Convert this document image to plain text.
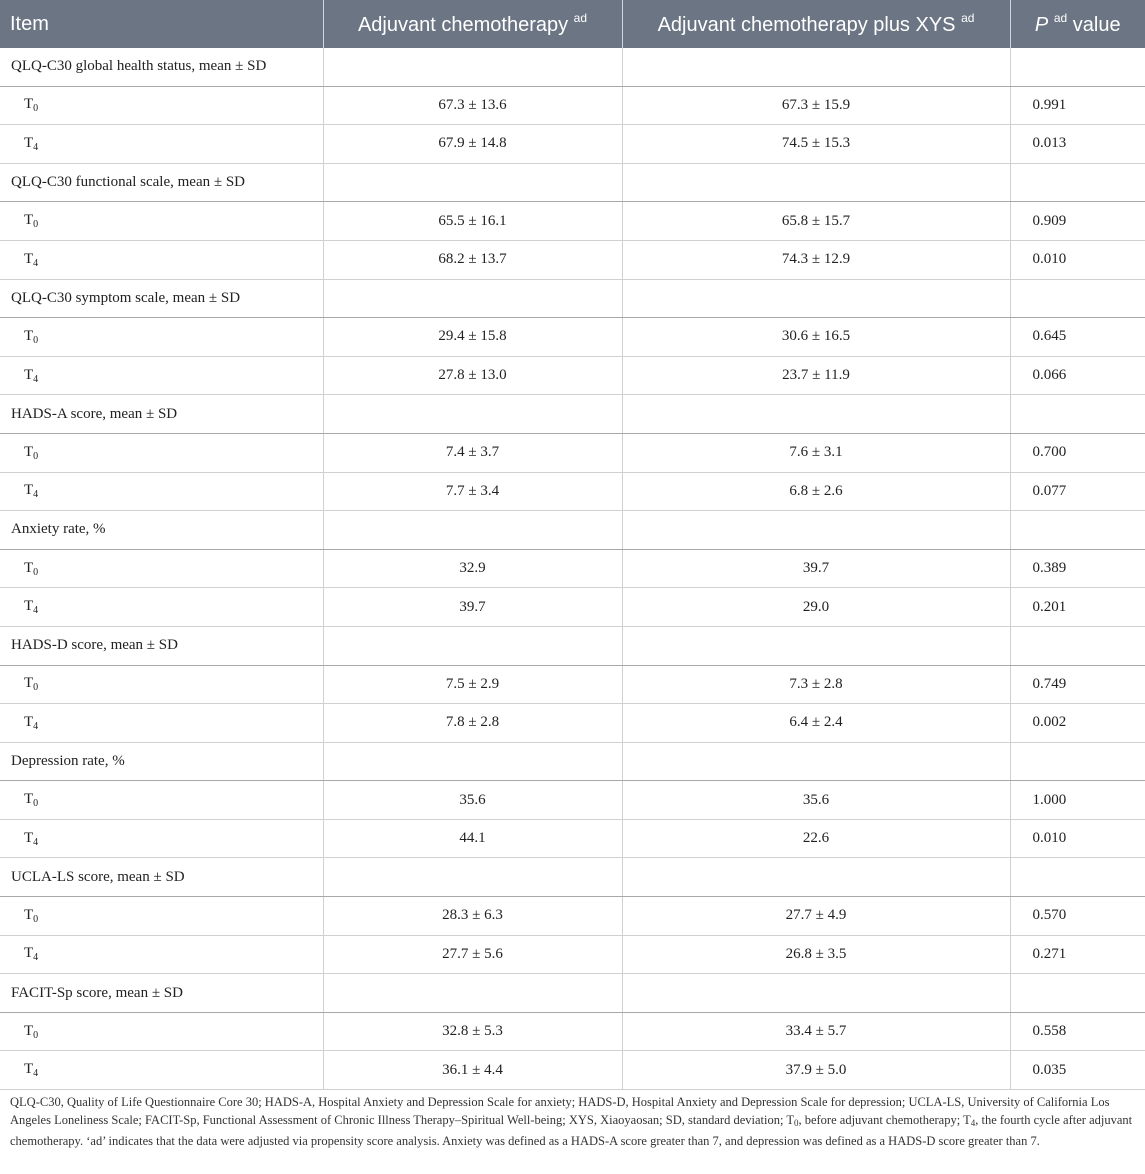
Item	Adjuvant chemotherapy $^{ad}$	Adjuvant chemotherapy plus XYS $^{ad}$	P $^{ad}$ value
QLQ-C30 global health status, mean ± SD			
$T_0$	67.3 ± 13.6	67.3 ± 15.9	0.991
$T_4$	67.9 ± 14.8	74.5 ± 15.3	0.013
QLQ-C30 functional scale, mean ± SD			
$T_0$	65.5 ± 16.1	65.8 ± 15.7	0.909
$T_4$	68.2 ± 13.7	74.3 ± 12.9	0.010
QLQ-C30 symptom scale, mean ± SD			
$T_0$	29.4 ± 15.8	30.6 ± 16.5	0.645
$T_4$	27.8 ± 13.0	23.7 ± 11.9	0.066
HADS-A score, mean ± SD			
$T_0$	7.4 ± 3.7	7.6 ± 3.1	0.700
$T_4$	7.7 ± 3.4	6.8 ± 2.6	0.077
Anxiety rate, %			
$T_0$	32.9	39.7	0.389
$T_4$	39.7	29.0	0.201
HADS-D score, mean ± SD			
$T_0$	7.5 ± 2.9	7.3 ± 2.8	0.749
$T_4$	7.8 ± 2.8	6.4 ± 2.4	0.002
Depression rate, %			
$T_0$	35.6	35.6	1.000
$T_4$	44.1	22.6	0.010
UCLA-LS score, mean ± SD			
$T_0$	28.3 ± 6.3	27.7 ± 4.9	0.570
$T_4$	27.7 ± 5.6	26.8 ± 3.5	0.271
FACIT-Sp score, mean ± SD			
$T_0$	32.8 ± 5.3	33.4 ± 5.7	0.558
$T_4$	36.1 ± 4.4	37.9 ± 5.0	0.035
QLQ-C30, Quality of Life Questionnaire Core 30; HADS-A, Hospital Anxiety and Depression Scale for anxiety; HADS-D, Hospital Anxiety and Depression Scale for depression; UCLA-LS, University of California Los Angeles Loneliness Scale; FACIT-Sp, Functional Assessment of Chronic Illness Therapy–Spiritual Well-being; XYS, Xiaoyaosan; SD, standard deviation; $T_0$, before adjuvant chemotherapy; $T_4$, the fourth cycle after adjuvant chemotherapy. ‘ad’ indicates that the data were adjusted via propensity score analysis. Anxiety was defined as a HADS-A score greater than 7, and depression was defined as a HADS-D score greater than 7.
